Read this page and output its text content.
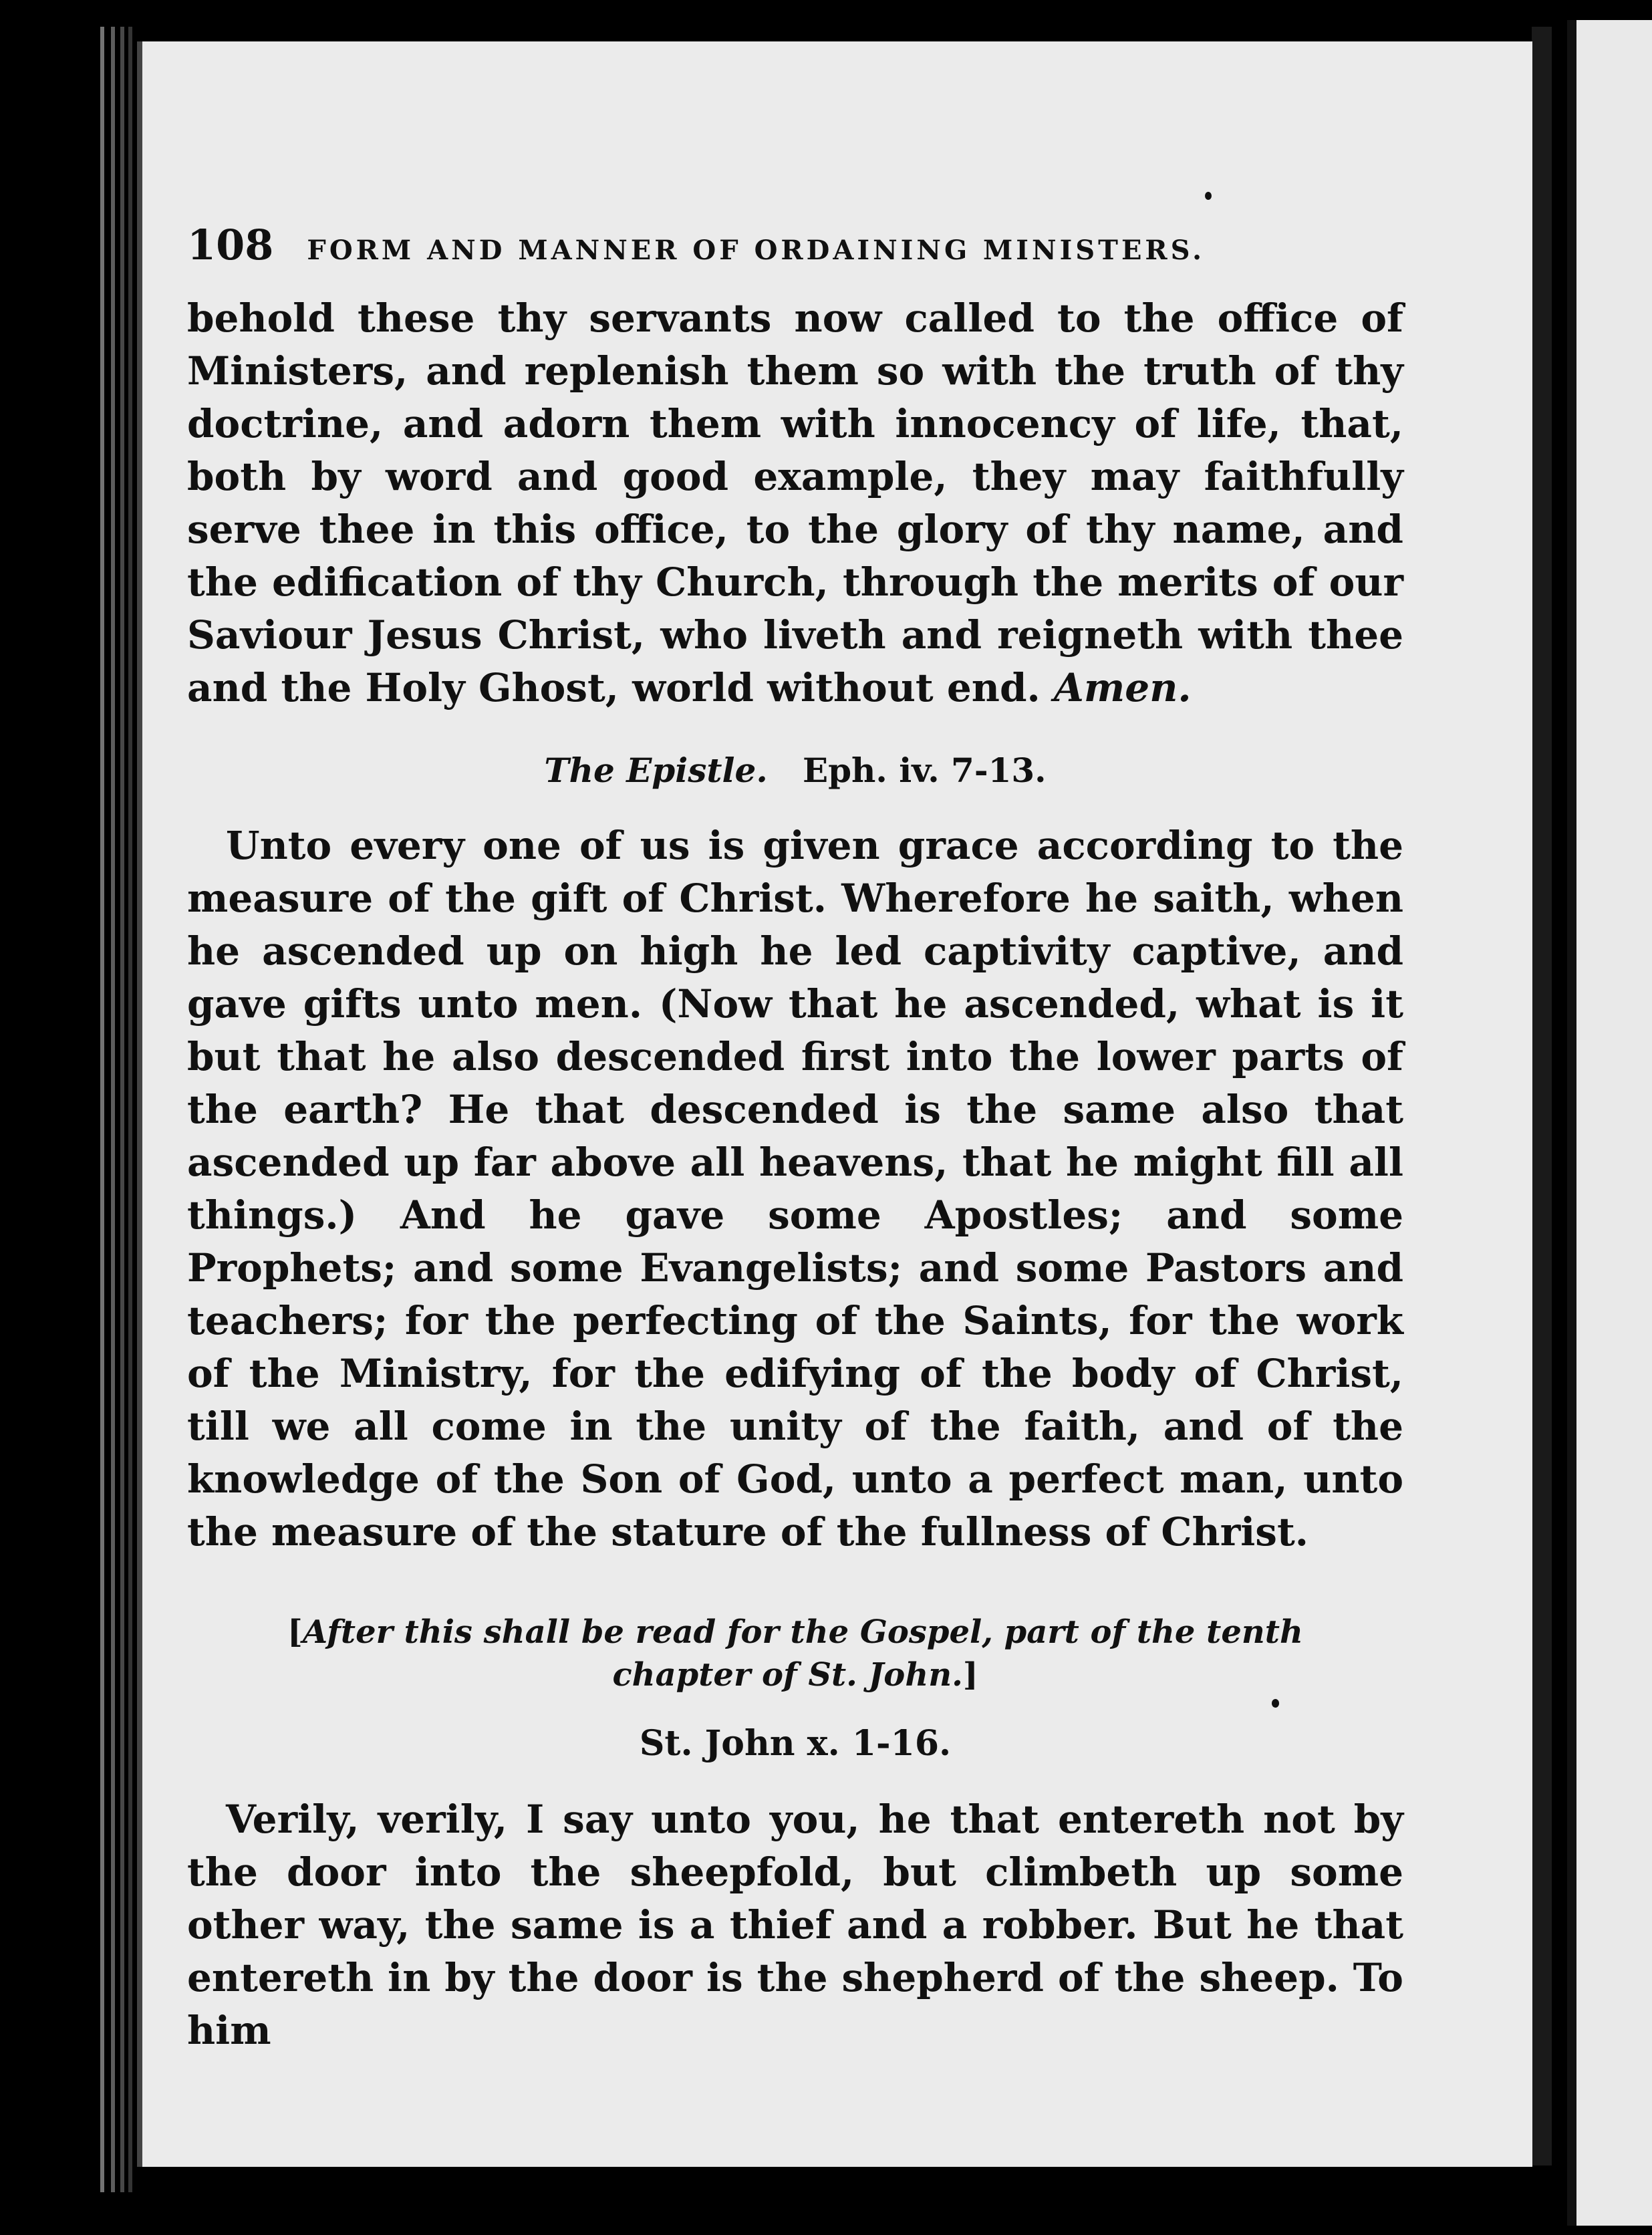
108 FORM AND MANNER OF ORDAINING MINISTERS.

behold these thy servants now called to the office of Ministers, and replenish them so with the truth of thy doctrine, and adorn them with innocency of life, that, both by word and good example, they may faithfully serve thee in this office, to the glory of thy name, and the edification of thy Church, through the merits of our Saviour Jesus Christ, who liveth and reigneth with thee and the Holy Ghost, world without end. Amen.

The Epistle. Eph. iv. 7-13.

Unto every one of us is given grace according to the measure of the gift of Christ. Wherefore he saith, when he ascended up on high he led captivity captive, and gave gifts unto men. (Now that he ascended, what is it but that he also descended first into the lower parts of the earth? He that descended is the same also that ascended up far above all heavens, that he might fill all things.) And he gave some Apostles; and some Prophets; and some Evangelists; and some Pastors and teachers; for the perfecting of the Saints, for the work of the Ministry, for the edifying of the body of Christ, till we all come in the unity of the faith, and of the knowledge of the Son of God, unto a perfect man, unto the measure of the stature of the fullness of Christ.

[After this shall be read for the Gospel, part of the tenth chapter of St. John.]
St. John x. 1-16.

Verily, verily, I say unto you, he that entereth not by the door into the sheepfold, but climbeth up some other way, the same is a thief and a robber. But he that entereth in by the door is the shepherd of the sheep. To him
